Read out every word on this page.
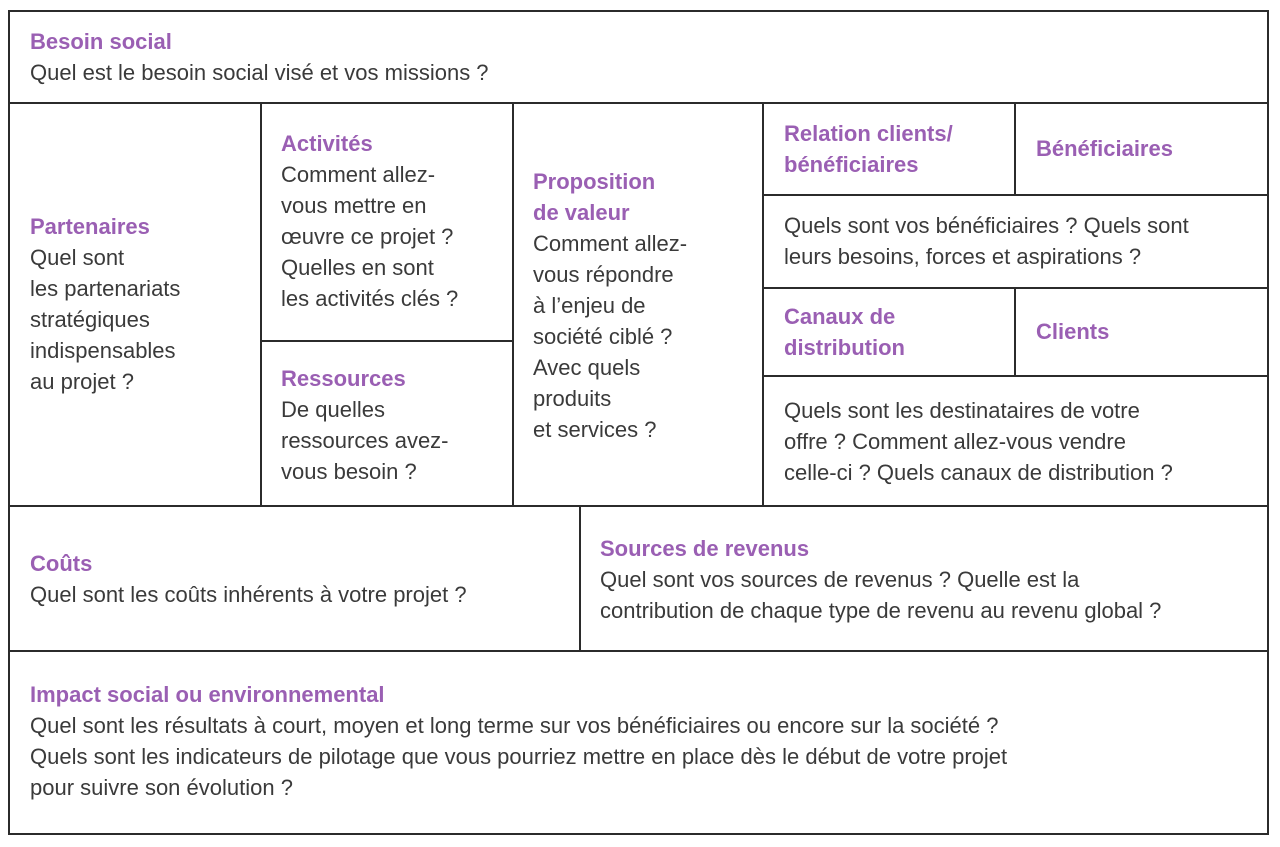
Besoin social
Quel est le besoin social visé et vos missions ?
Partenaires
Quel sont
les partenariats
stratégiques
indispensables
au projet ?
Activités
Comment allez-
vous mettre en
œuvre ce projet ?
Quelles en sont
les activités clés ?
Ressources
De quelles
ressources avez-
vous besoin ?
Proposition
de valeur
Comment allez-
vous répondre
à l’enjeu de
société ciblé ?
Avec quels
produits
et services ?
Relation clients/
bénéficiaires
Bénéficiaires
Quels sont vos bénéficiaires ? Quels sont
leurs besoins, forces et aspirations ?
Canaux de
distribution
Clients
Quels sont les destinataires de votre
offre ? Comment allez-vous vendre
celle-ci ? Quels canaux de distribution ?
Coûts
Quel sont les coûts inhérents à votre projet ?
Sources de revenus
Quel sont vos sources de revenus ? Quelle est la
contribution de chaque type de revenu au revenu global ?
Impact social ou environnemental
Quel sont les résultats à court, moyen et long terme sur vos bénéficiaires ou encore sur la société ?
Quels sont les indicateurs de pilotage que vous pourriez mettre en place dès le début de votre projet
pour suivre son évolution ?
